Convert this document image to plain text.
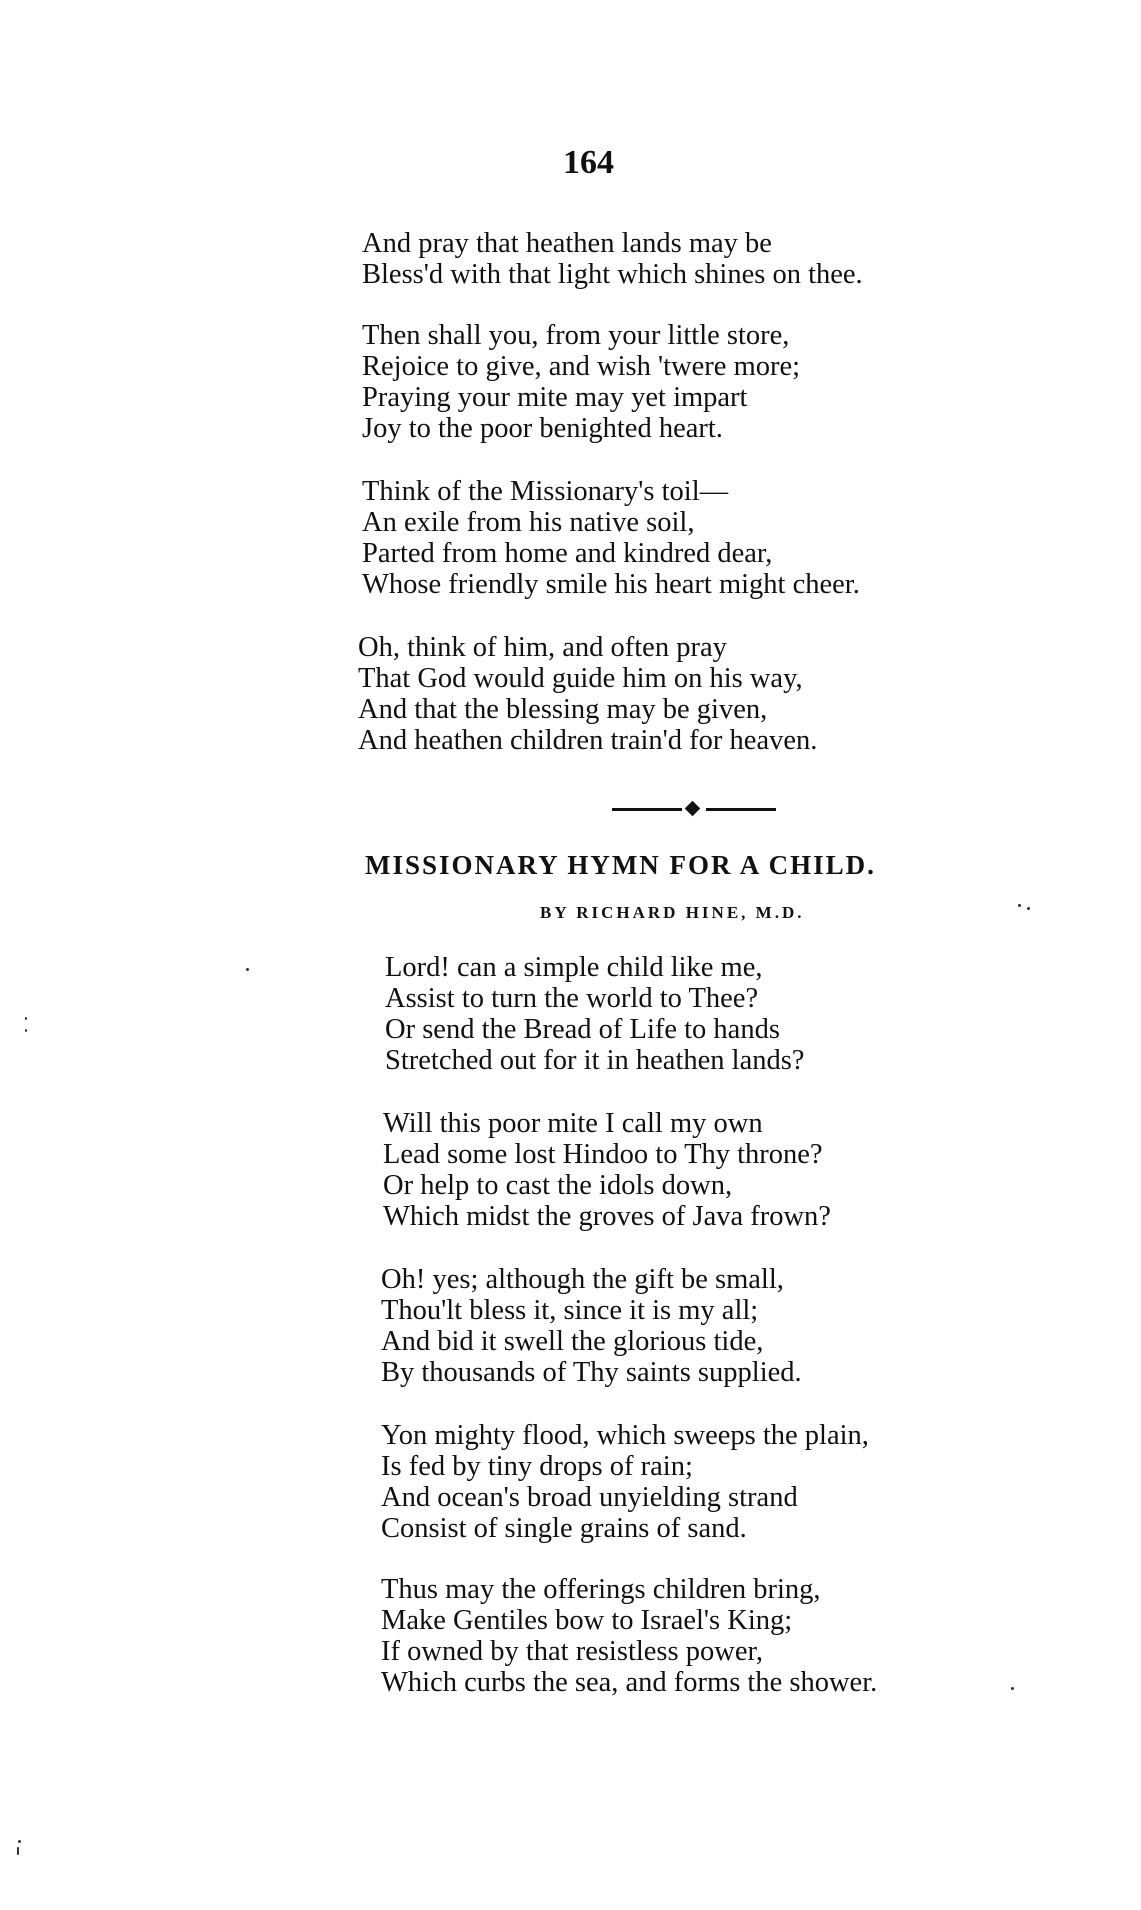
164
And pray that heathen lands may be
Bless'd with that light which shines on thee.
Then shall you, from your little store,
Rejoice to give, and wish 'twere more;
Praying your mite may yet impart
Joy to the poor benighted heart.
Think of the Missionary's toil—
An exile from his native soil,
Parted from home and kindred dear,
Whose friendly smile his heart might cheer.
Oh, think of him, and often pray
That God would guide him on his way,
And that the blessing may be given,
And heathen children train'd for heaven.
MISSIONARY HYMN FOR A CHILD.
BY RICHARD HINE, M.D.
Lord! can a simple child like me,
Assist to turn the world to Thee?
Or send the Bread of Life to hands
Stretched out for it in heathen lands?
Will this poor mite I call my own
Lead some lost Hindoo to Thy throne?
Or help to cast the idols down,
Which midst the groves of Java frown?
Oh! yes; although the gift be small,
Thou'lt bless it, since it is my all;
And bid it swell the glorious tide,
By thousands of Thy saints supplied.
Yon mighty flood, which sweeps the plain,
Is fed by tiny drops of rain;
And ocean's broad unyielding strand
Consist of single grains of sand.
Thus may the offerings children bring,
Make Gentiles bow to Israel's King;
If owned by that resistless power,
Which curbs the sea, and forms the shower.
